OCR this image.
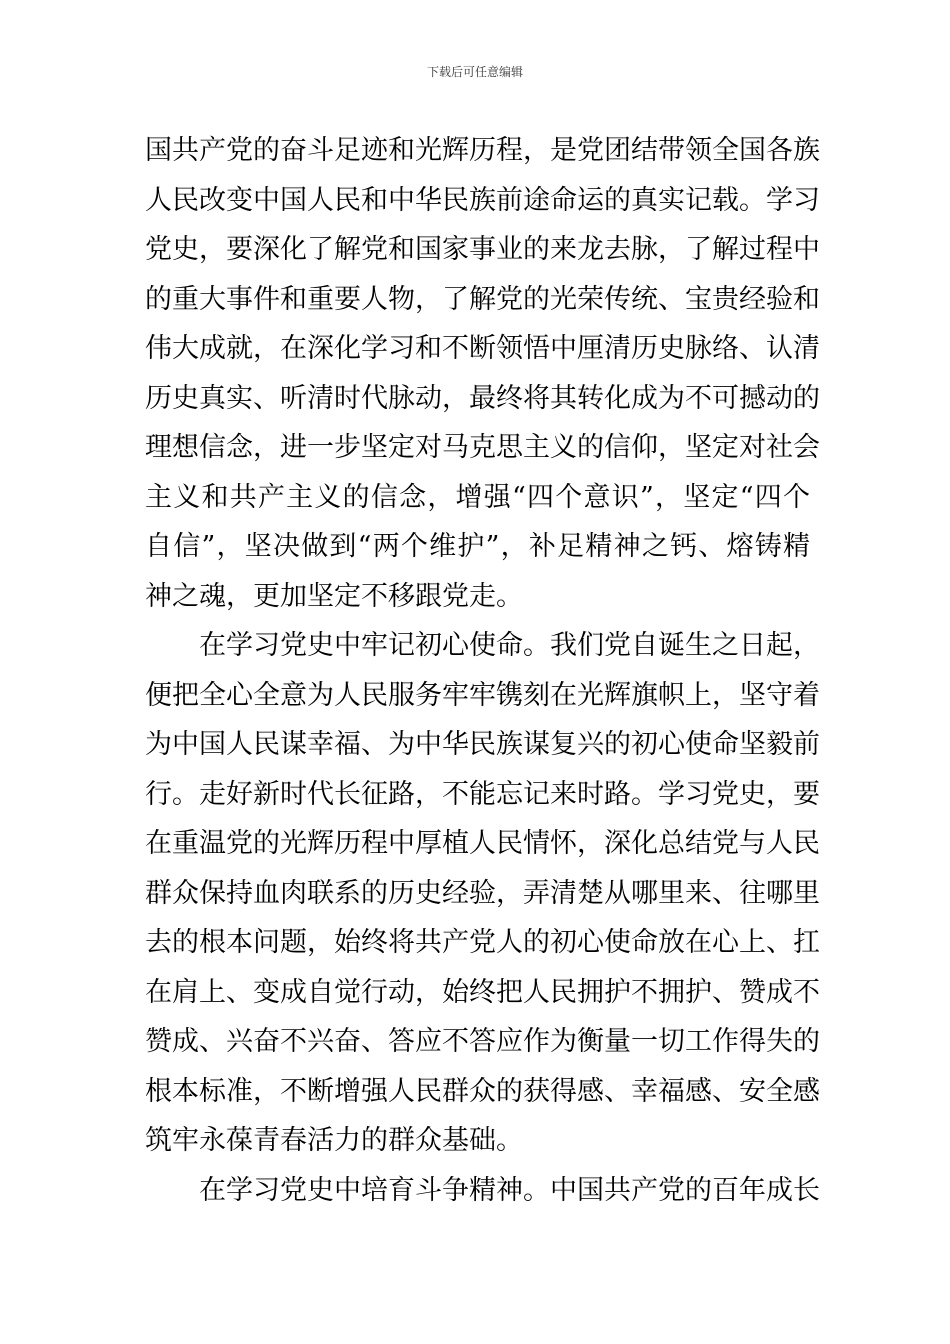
下载后可任意编辑
国共产党的奋斗足迹和光辉历程，是党团结带领全国各族
人民改变中国人民和中华民族前途命运的真实记载。学习
党史，要深化了解党和国家事业的来龙去脉，了解过程中
的重大事件和重要人物，了解党的光荣传统、宝贵经验和
伟大成就，在深化学习和不断领悟中厘清历史脉络、认清
历史真实、听清时代脉动，最终将其转化成为不可撼动的
理想信念，进一步坚定对马克思主义的信仰，坚定对社会
主义和共产主义的信念，增强“四个意识”，坚定“四个
自信”，坚决做到“两个维护”，补足精神之钙、熔铸精
神之魂，更加坚定不移跟党走。
在学习党史中牢记初心使命。我们党自诞生之日起，
便把全心全意为人民服务牢牢镌刻在光辉旗帜上，坚守着
为中国人民谋幸福、为中华民族谋复兴的初心使命坚毅前
行。走好新时代长征路，不能忘记来时路。学习党史，要
在重温党的光辉历程中厚植人民情怀，深化总结党与人民
群众保持血肉联系的历史经验，弄清楚从哪里来、往哪里
去的根本问题，始终将共产党人的初心使命放在心上、扛
在肩上、变成自觉行动，始终把人民拥护不拥护、赞成不
赞成、兴奋不兴奋、答应不答应作为衡量一切工作得失的
根本标准，不断增强人民群众的获得感、幸福感、安全感
筑牢永葆青春活力的群众基础。
在学习党史中培育斗争精神。中国共产党的百年成长
